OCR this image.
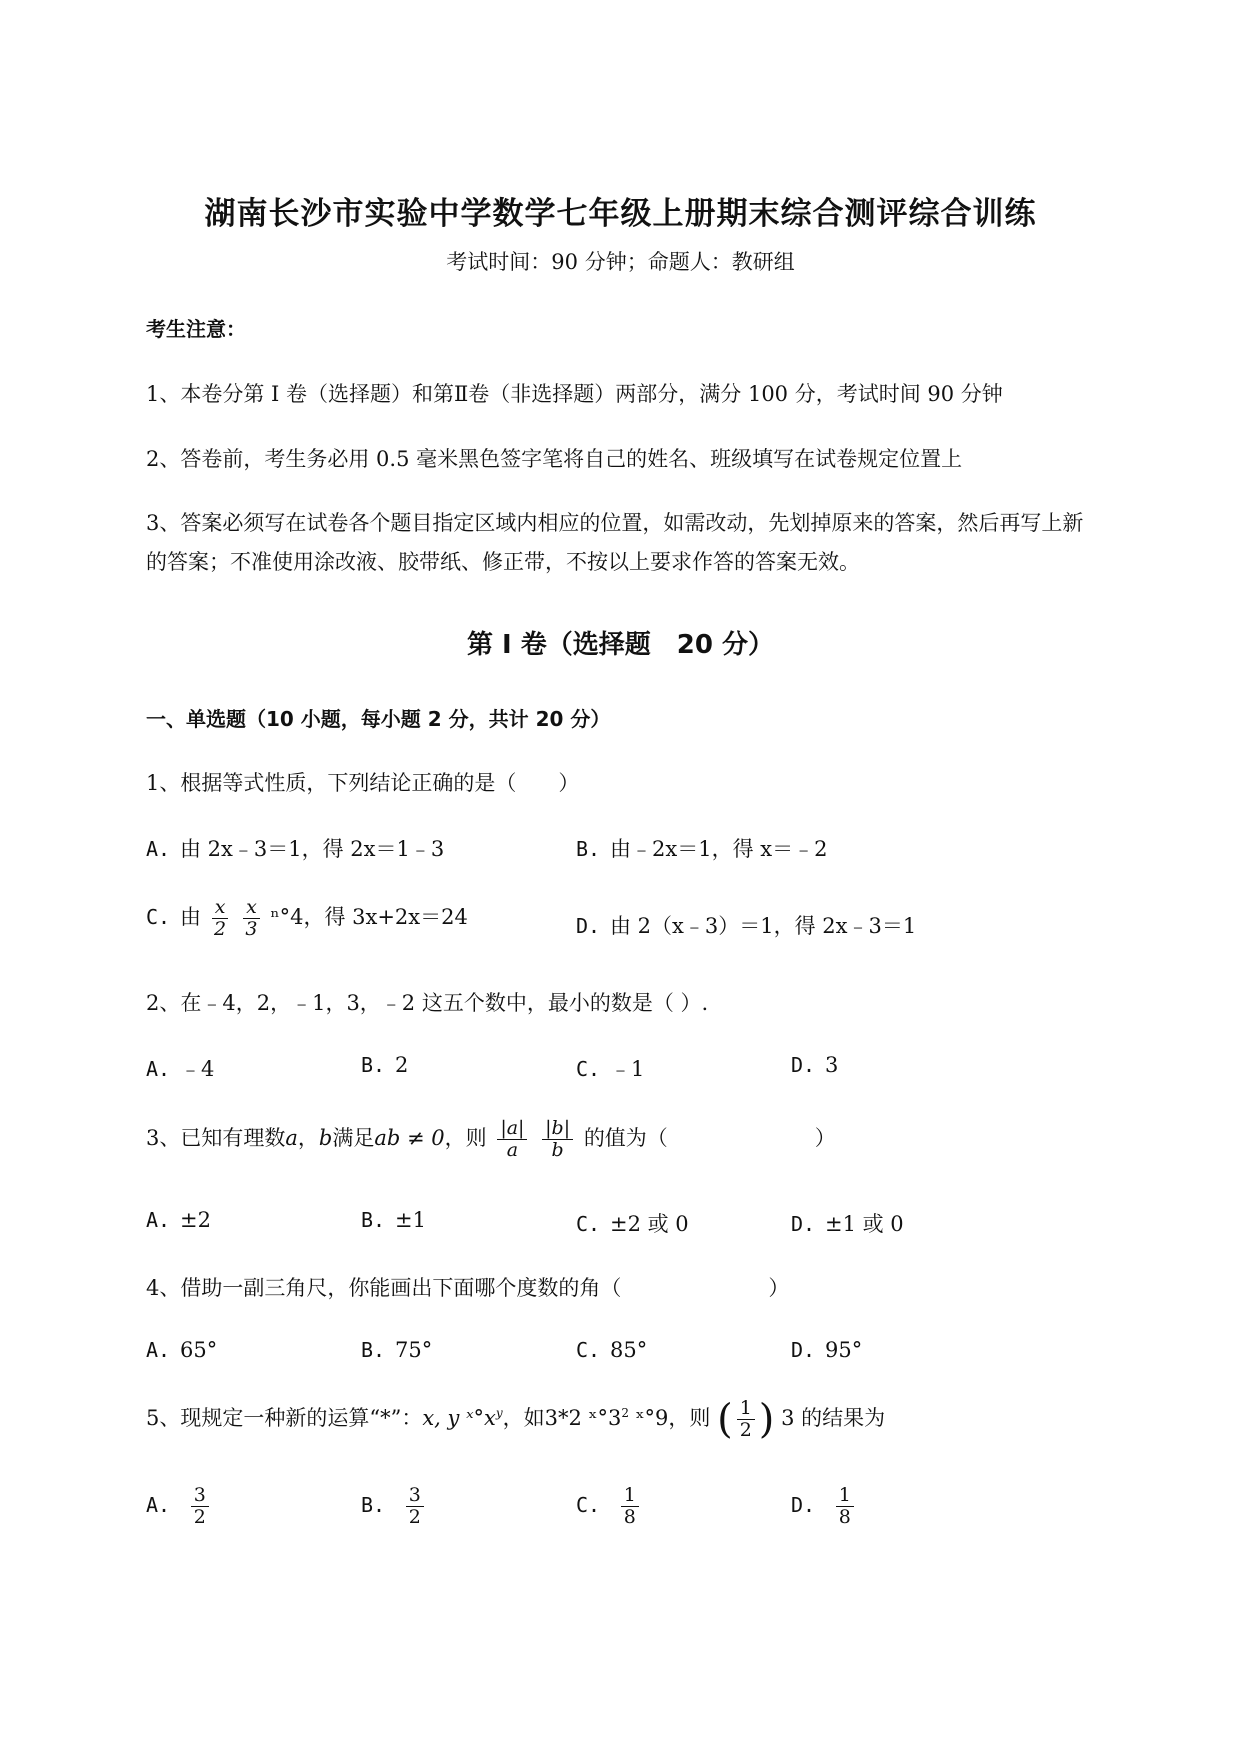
湖南长沙市实验中学数学七年级上册期末综合测评综合训练
考试时间：90 分钟；命题人：教研组
考生注意：
1、本卷分第 I 卷（选择题）和第Ⅱ卷（非选择题）两部分，满分 100 分，考试时间 90 分钟
2、答卷前，考生务必用 0.5 毫米黑色签字笔将自己的姓名、班级填写在试卷规定位置上
3、答案必须写在试卷各个题目指定区域内相应的位置，如需改动，先划掉原来的答案，然后再写上新
的答案；不准使用涂改液、胶带纸、修正带，不按以上要求作答的答案无效。
第 I 卷（选择题　20 分）
一、单选题（10 小题，每小题 2 分，共计 20 分）
1、根据等式性质，下列结论正确的是（　　）
A. 由 2x﹣3＝1，得 2x＝1﹣3	B. 由﹣2x＝1，得 x＝﹣2
C. 由 $\frac{x}{2}$
$\frac{x}{3} ^n^\circ 4$，得 3x+2x＝24	D. 由 2（x﹣3）＝1，得 2x﹣3＝1
2、在﹣4，2，﹣1，3，﹣2 这五个数中，最小的数是（ ）.
A. ﹣4	B. 2	C. ﹣1	D. 3
3、已知有理数a，b满足ab ≠ 0，则 $\frac{|a|}{a}$
$\frac{|b|}{b}$ 的值为（　　　　　　　）
A. ±2	B. ±1	C. ±2 或 0	D. ±1 或 0
4、借助一副三角尺，你能画出下面哪个度数的角（　　　　　　　）
A. 65°	B. 75°	C. 85°	D. 95°
5、现规定一种新的运算“*”：x, y $ˣ^\circ x^y$，如3*2 $ˣ^\circ 3^2$ ˣ°9，则 ( $\frac{1}{2}$ ) 3 的结果为
A. $\frac{3}{2}$	B. $\frac{3}{2}$	C. $\frac{1}{8}$	D. $\frac{1}{8}$
